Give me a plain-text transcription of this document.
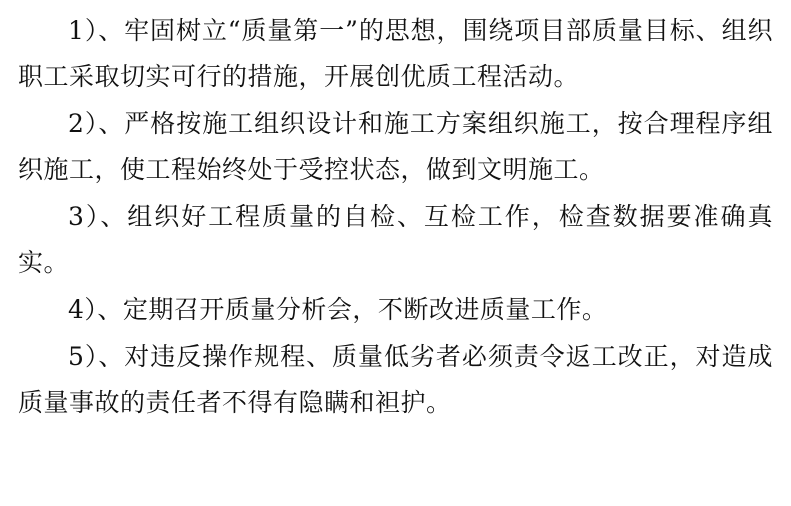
1）、牢固树立“质量第一”的思想，围绕项目部质量目标、组织职工采取切实可行的措施，开展创优质工程活动。

2）、严格按施工组织设计和施工方案组织施工，按合理程序组织施工，使工程始终处于受控状态，做到文明施工。

3）、组织好工程质量的自检、互检工作，检查数据要准确真实。

4）、定期召开质量分析会，不断改进质量工作。

5）、对违反操作规程、质量低劣者必须责令返工改正，对造成质量事故的责任者不得有隐瞒和袒护。
